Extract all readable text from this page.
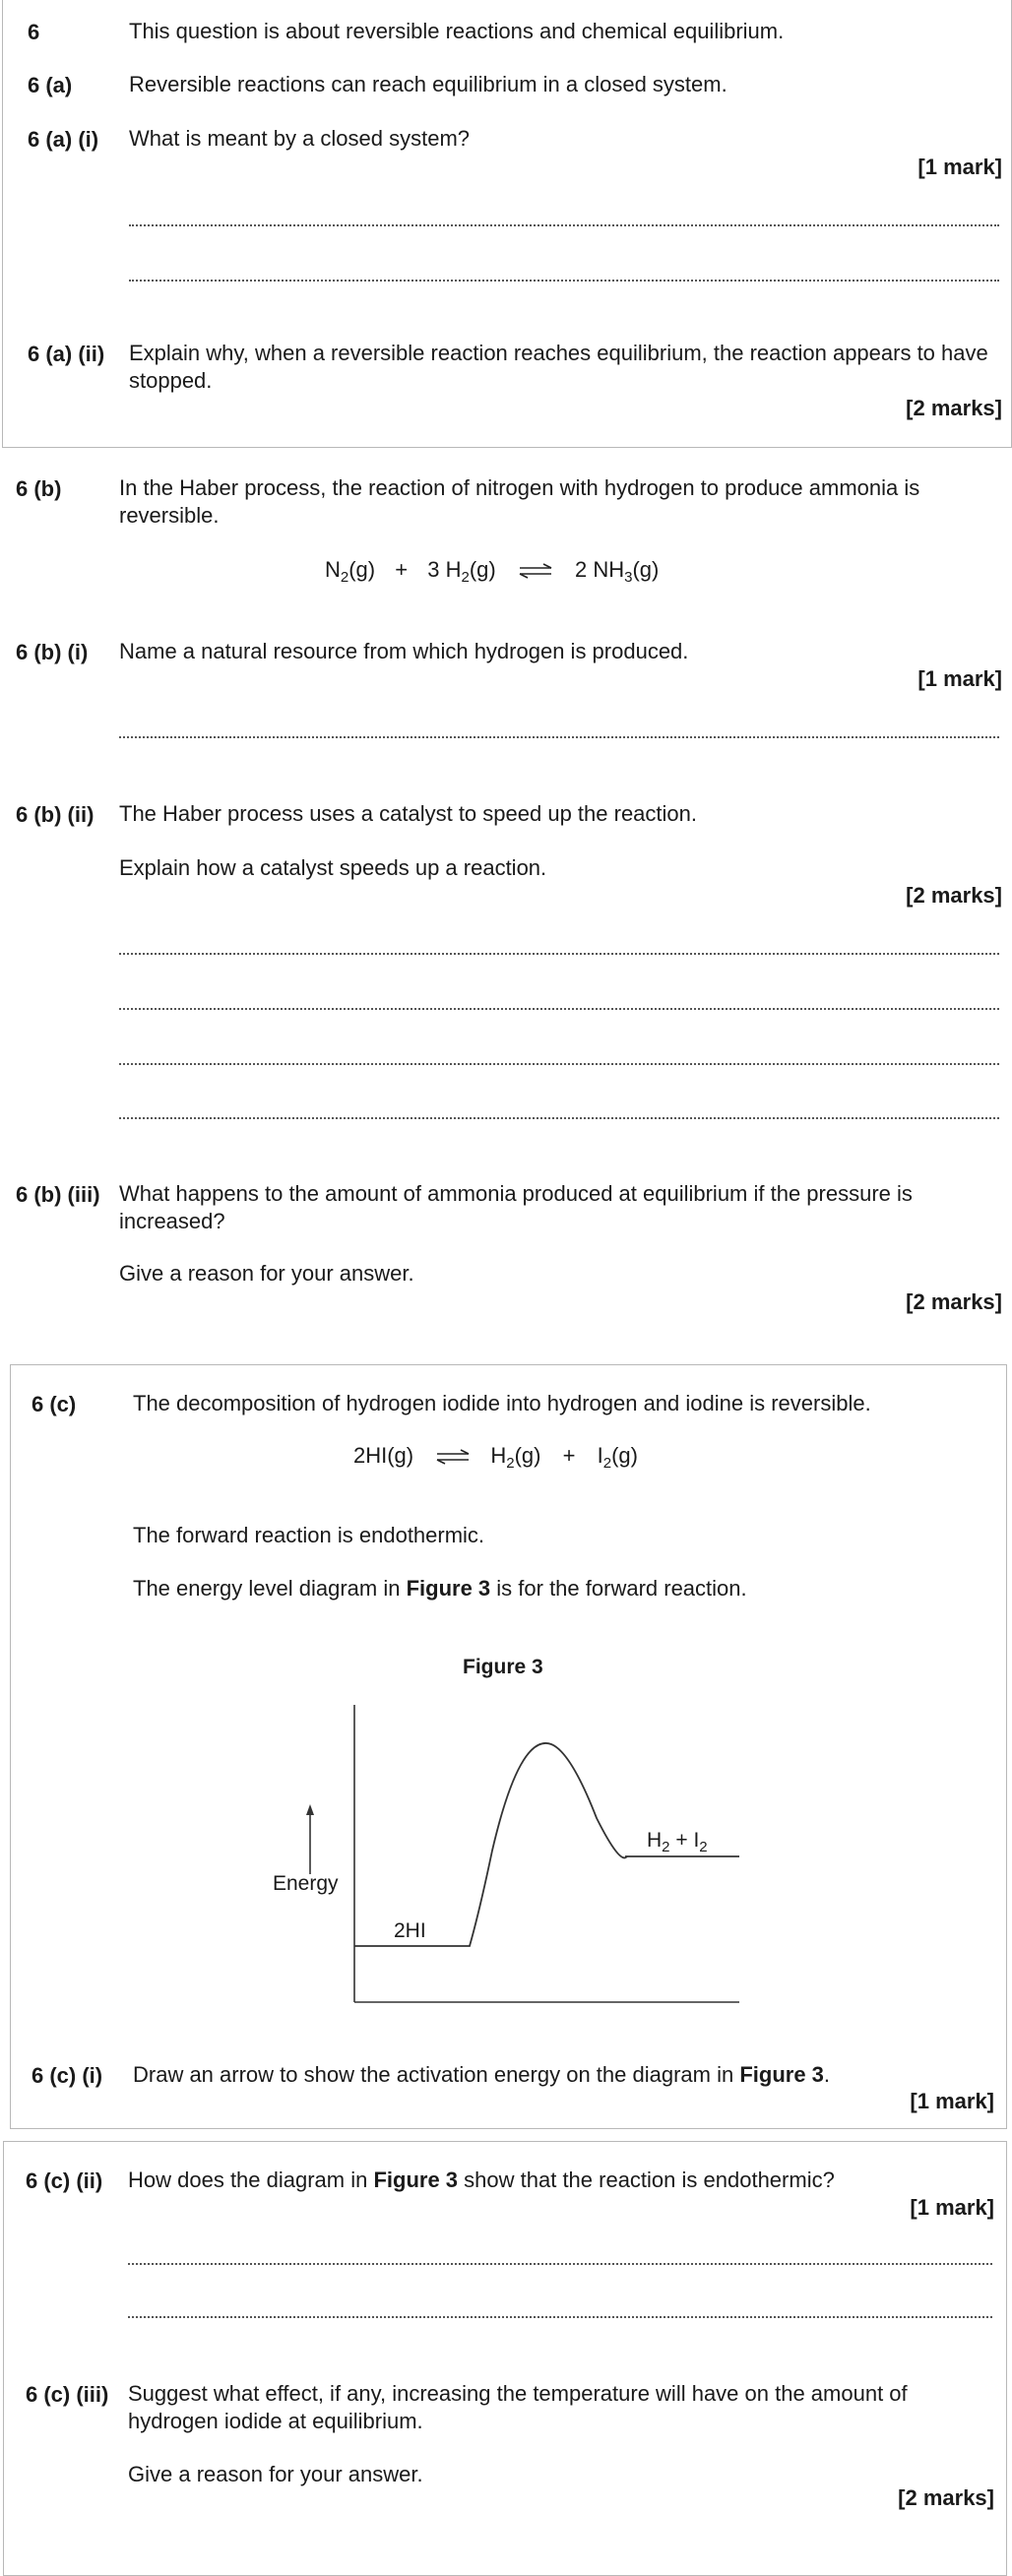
6	This question is about reversible reactions and chemical equilibrium.
6 (a)	Reversible reactions can reach equilibrium in a closed system.
6 (a) (i) What is meant by a closed system?
[1 mark]
6 (a) (ii) Explain why, when a reversible reaction reaches equilibrium, the reaction appears to have stopped.
[2 marks]
6 (b)	In the Haber process, the reaction of nitrogen with hydrogen to produce ammonia is reversible.
$N_2(g) + 3$ $H_2(g)$ ⇌ 2 $NH_3(g)$
6 (b) (i) Name a natural resource from which hydrogen is produced.
[1 mark]
6 (b) (ii) The Haber process uses a catalyst to speed up the reaction.
Explain how a catalyst speeds up a reaction.
[2 marks]
6 (b) (iii) What happens to the amount of ammonia produced at equilibrium if the pressure is increased?
Give a reason for your answer.
[2 marks]
6 (c)	The decomposition of hydrogen iodide into hydrogen and iodine is reversible.
2HI(g) ⇌ $H_2(g) + I_2(g)$
The forward reaction is endothermic.
The energy level diagram in Figure 3 is for the forward reaction.
Figure 3
Energy
2HI
$H_2 + I_2$
6 (c) (i) Draw an arrow to show the activation energy on the diagram in Figure 3.
[1 mark]
6 (c) (ii) How does the diagram in Figure 3 show that the reaction is endothermic?
[1 mark]
6 (c) (iii) Suggest what effect, if any, increasing the temperature will have on the amount of hydrogen iodide at equilibrium.
Give a reason for your answer.
[2 marks]
